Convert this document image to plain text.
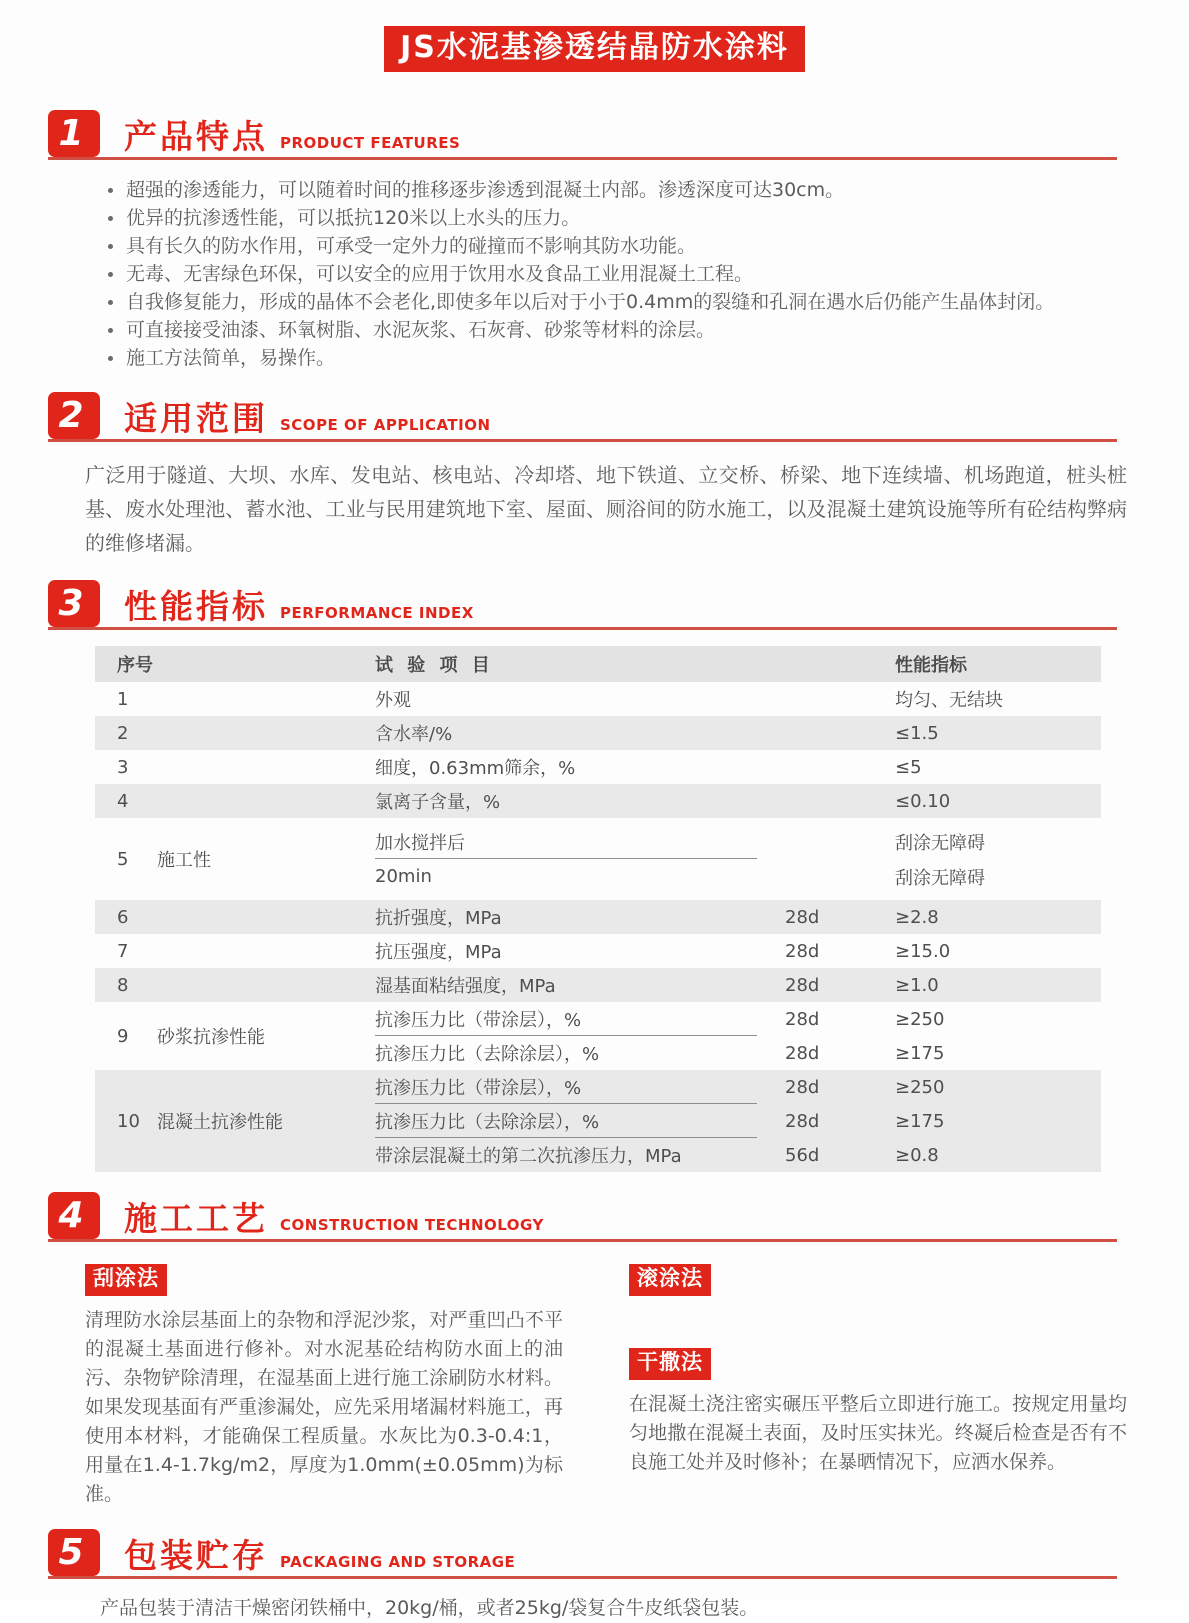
JS水泥基渗透结晶防水涂料
1	产品特点 PRODUCT FEATURES
超强的渗透能力，可以随着时间的推移逐步渗透到混凝土内部。渗透深度可达30cm。
优异的抗渗透性能，可以抵抗120米以上水头的压力。
具有长久的防水作用，可承受一定外力的碰撞而不影响其防水功能。
无毒、无害绿色环保，可以安全的应用于饮用水及食品工业用混凝土工程。
自我修复能力，形成的晶体不会老化,即使多年以后对于小于0.4mm的裂缝和孔洞在遇水后仍能产生晶体封闭。
可直接接受油漆、环氧树脂、水泥灰浆、石灰膏、砂浆等材料的涂层。
施工方法简单，易操作。
2	适用范围 SCOPE OF APPLICATION

广泛用于隧道、大坝、水库、发电站、核电站、冷却塔、地下铁道、立交桥、桥梁、地下连续墙、机场跑道，桩头桩基、废水处理池、蓄水池、工业与民用建筑地下室、屋面、厕浴间的防水施工，以及混凝土建筑设施等所有砼结构弊病的维修堵漏。

3	性能指标 PERFORMANCE INDEX
序号	试 验 项 目	性能指标
1	外观	均匀、无结块
2	含水率/%	≤1.5
3	细度，0.63mm筛余，%	≤5
4	氯离子含量，%	≤0.10
5	施工性
加水搅拌后	刮涂无障碍
20min	刮涂无障碍
6	抗折强度，MPa	28d	≥2.8
7	抗压强度，MPa	28d	≥15.0
8	湿基面粘结强度，MPa	28d	≥1.0
9	砂浆抗渗性能
抗渗压力比（带涂层），%	28d	≥250
抗渗压力比（去除涂层），%	28d	≥175
10 混凝土抗渗性能
抗渗压力比（带涂层），%	28d	≥250
抗渗压力比（去除涂层），%	28d	≥175
带涂层混凝土的第二次抗渗压力，MPa	56d	≥0.8
4	施工工艺 CONSTRUCTION TECHNOLOGY
刮涂法
清理防水涂层基面上的杂物和浮泥沙浆，对严重凹凸不平的混凝土基面进行修补。对水泥基砼结构防水面上的油污、杂物铲除清理，在湿基面上进行施工涂刷防水材料。如果发现基面有严重渗漏处，应先采用堵漏材料施工，再使用本材料，才能确保工程质量。水灰比为0.3-0.4:1，用量在1.4-1.7kg/m2，厚度为1.0mm(±0.05mm)为标准。
滚涂法
干撒法
在混凝土浇注密实碾压平整后立即进行施工。按规定用量均匀地撒在混凝土表面，及时压实抹光。终凝后检查是否有不良施工处并及时修补；在暴晒情况下，应洒水保养。
5	包装贮存 PACKAGING AND STORAGE

产品包装于清洁干燥密闭铁桶中，20kg/桶，或者25kg/袋复合牛皮纸袋包装。
